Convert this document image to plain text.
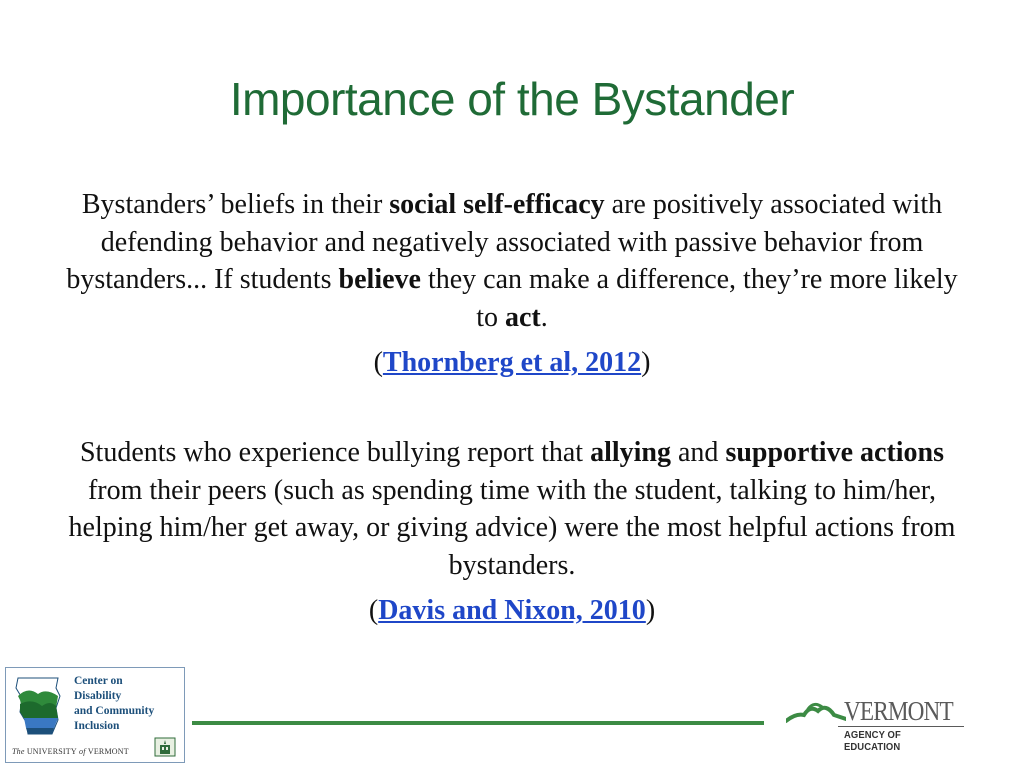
Importance of the Bystander

Bystanders’ beliefs in their social self-efficacy are positively associated with defending behavior and negatively associated with passive behavior from bystanders... If students believe they can make a difference, they’re more likely to act.

(Thornberg et al, 2012)

Students who experience bullying report that allying and supportive actions from their peers (such as spending time with the student, talking to him/her, helping him/her get away, or giving advice) were the most helpful actions from bystanders.

(Davis and Nixon, 2010)

Center on
Disability
and Community
Inclusion
The UNIVERSITY of VERMONT
VERMONT
AGENCY OF EDUCATION
